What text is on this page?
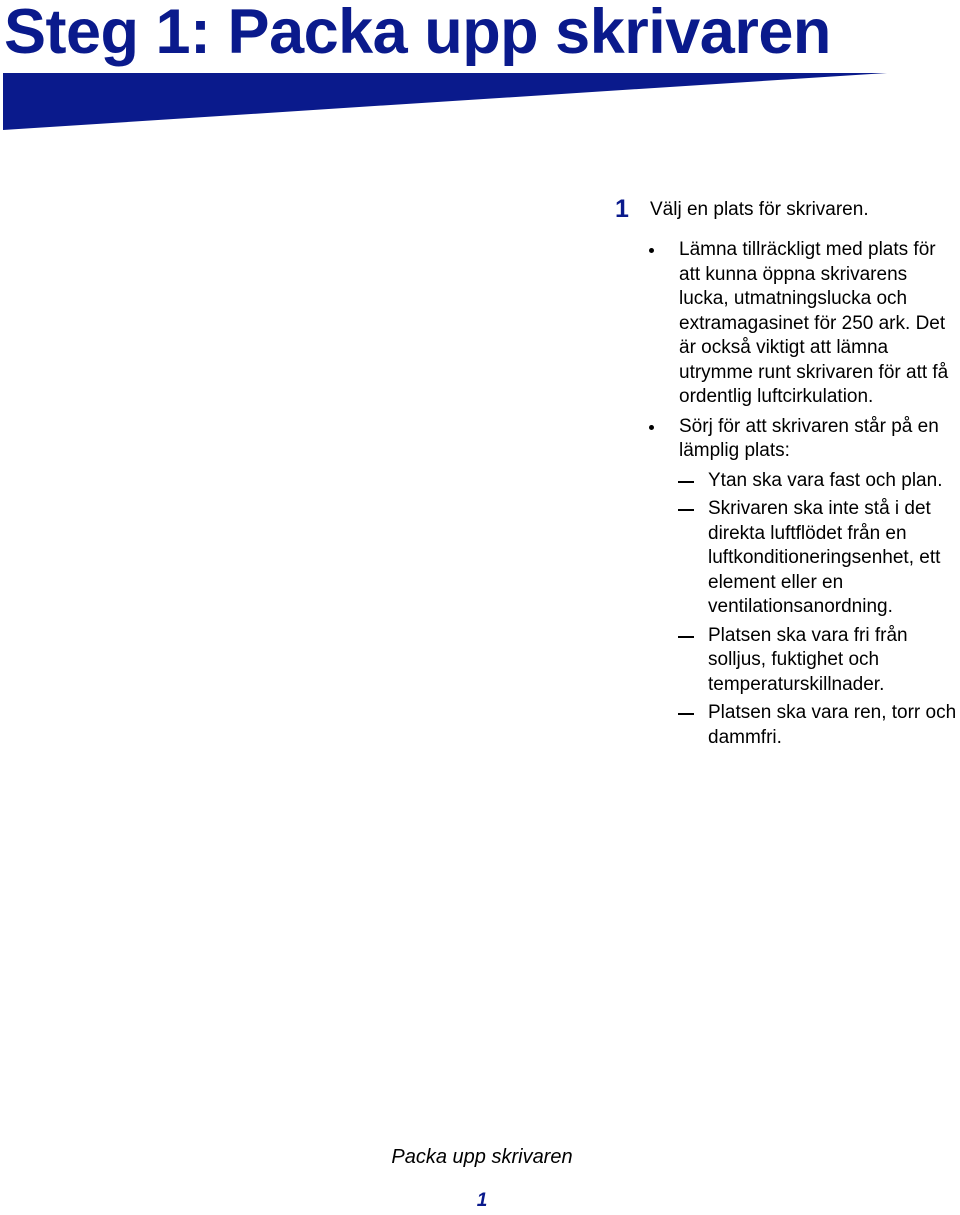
Steg 1: Packa upp skrivaren
1 Välj en plats för skrivaren.
Lämna tillräckligt med plats för att kunna öppna skrivarens lucka, utmatningslucka och extramagasinet för 250 ark. Det är också viktigt att lämna utrymme runt skrivaren för att få ordentlig luftcirkulation.
Sörj för att skrivaren står på en lämplig plats:
Ytan ska vara fast och plan.
Skrivaren ska inte stå i det direkta luftflödet från en luftkonditioneringsenhet, ett element eller en ventilationsanordning.
Platsen ska vara fri från solljus, fuktighet och temperaturskillnader.
Platsen ska vara ren, torr och dammfri.
Packa upp skrivaren
1
